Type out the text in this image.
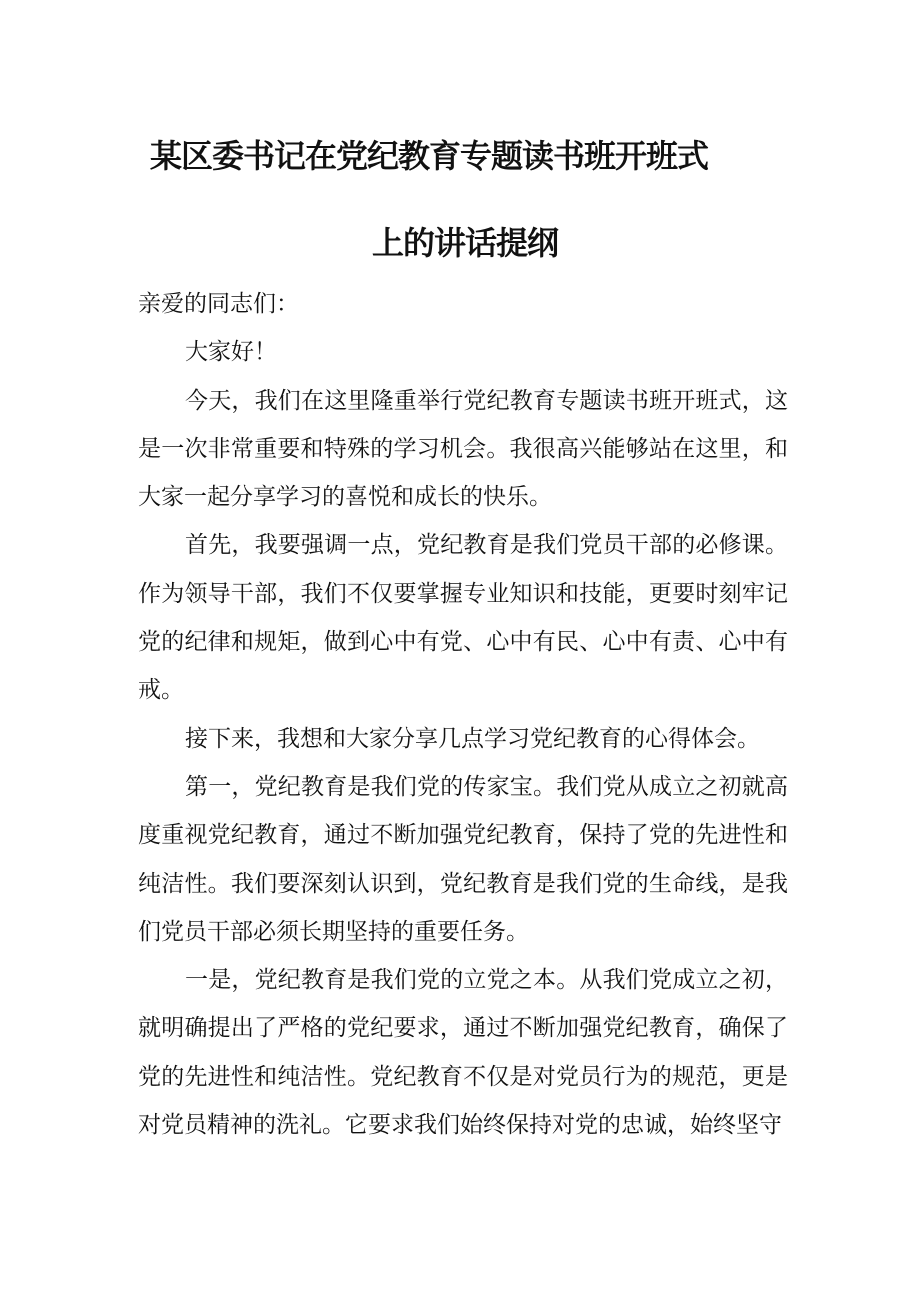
某区委书记在党纪教育专题读书班开班式
上的讲话提纲

亲爱的同志们：

大家好！

今天，我们在这里隆重举行党纪教育专题读书班开班式，这是一次非常重要和特殊的学习机会。我很高兴能够站在这里，和大家一起分享学习的喜悦和成长的快乐。

首先，我要强调一点，党纪教育是我们党员干部的必修课。作为领导干部，我们不仅要掌握专业知识和技能，更要时刻牢记党的纪律和规矩，做到心中有党、心中有民、心中有责、心中有戒。

接下来，我想和大家分享几点学习党纪教育的心得体会。

第一，党纪教育是我们党的传家宝。我们党从成立之初就高度重视党纪教育，通过不断加强党纪教育，保持了党的先进性和纯洁性。我们要深刻认识到，党纪教育是我们党的生命线，是我们党员干部必须长期坚持的重要任务。

一是，党纪教育是我们党的立党之本。从我们党成立之初，就明确提出了严格的党纪要求，通过不断加强党纪教育，确保了党的先进性和纯洁性。党纪教育不仅是对党员行为的规范，更是对党员精神的洗礼。它要求我们始终保持对党的忠诚，始终坚守
